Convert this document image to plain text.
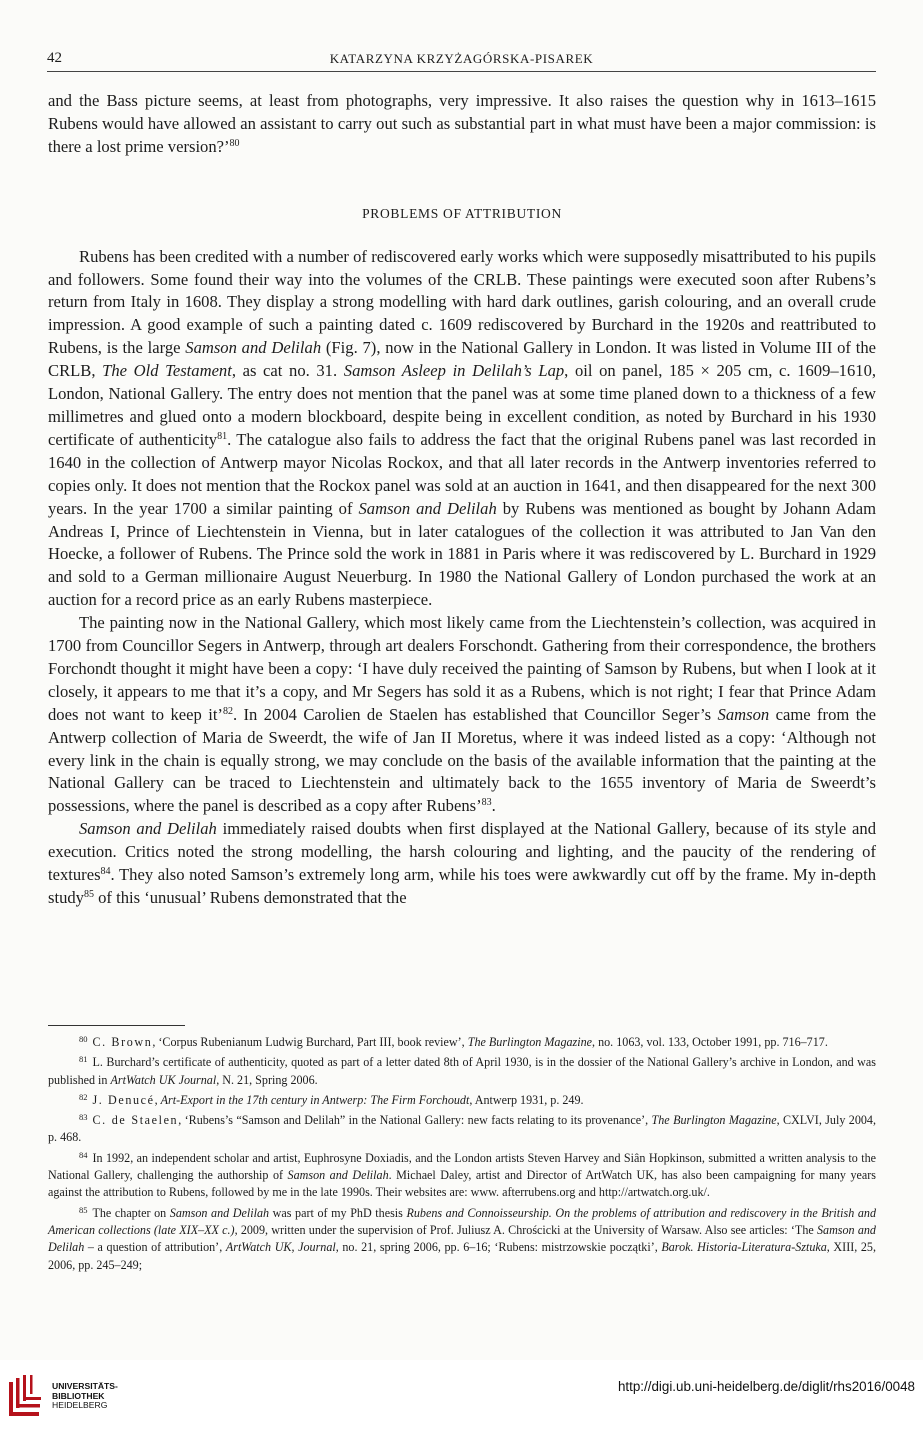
42	KATARZYNA KRZYŻAGÓRSKA-PISAREK

and the Bass picture seems, at least from photographs, very impressive. It also raises the question why in 1613–1615 Rubens would have allowed an assistant to carry out such as substantial part in what must have been a major commission: is there a lost prime version?’$^{80}$

PROBLEMS OF ATTRIBUTION

Rubens has been credited with a number of rediscovered early works which were supposedly misattributed to his pupils and followers. Some found their way into the volumes of the CRLB. These paintings were executed soon after Rubens’s return from Italy in 1608. They display a strong modelling with hard dark outlines, garish colouring, and an overall crude impression. A good example of such a painting dated c. 1609 rediscovered by Burchard in the 1920s and reattributed to Rubens, is the large Samson and Delilah (Fig. 7), now in the National Gallery in London. It was listed in Volume III of the CRLB, The Old Testament, as cat no. 31. Samson Asleep in Delilah’s Lap, oil on panel, 185 × 205 cm, c. 1609–1610, London, National Gallery. The entry does not mention that the panel was at some time planed down to a thickness of a few millimetres and glued onto a modern blockboard, despite being in excellent condition, as noted by Burchard in his 1930 certificate of authenticity$^{81}$. The catalogue also fails to address the fact that the original Rubens panel was last recorded in 1640 in the collection of Antwerp mayor Nicolas Rockox, and that all later records in the Antwerp inventories referred to copies only. It does not mention that the Rockox panel was sold at an auction in 1641, and then disappeared for the next 300 years. In the year 1700 a similar painting of Samson and Delilah by Rubens was mentioned as bought by Johann Adam Andreas I, Prince of Liechtenstein in Vienna, but in later catalogues of the collection it was attributed to Jan Van den Hoecke, a follower of Rubens. The Prince sold the work in 1881 in Paris where it was rediscovered by L. Burchard in 1929 and sold to a German millionaire August Neuerburg. In 1980 the National Gallery of London purchased the work at an auction for a record price as an early Rubens masterpiece.

The painting now in the National Gallery, which most likely came from the Liechtenstein’s collection, was acquired in 1700 from Councillor Segers in Antwerp, through art dealers Forschondt. Gathering from their correspondence, the brothers Forchondt thought it might have been a copy: ‘I have duly received the painting of Samson by Rubens, but when I look at it closely, it appears to me that it’s a copy, and Mr Segers has sold it as a Rubens, which is not right; I fear that Prince Adam does not want to keep it’$^{82}$. In 2004 Carolien de Staelen has established that Councillor Seger’s Samson came from the Antwerp collection of Maria de Sweerdt, the wife of Jan II Moretus, where it was indeed listed as a copy: ‘Although not every link in the chain is equally strong, we may conclude on the basis of the available information that the painting at the National Gallery can be traced to Liechtenstein and ultimately back to the 1655 inventory of Maria de Sweerdt’s possessions, where the panel is described as a copy after Rubens’$^{83}$.

Samson and Delilah immediately raised doubts when first displayed at the National Gallery, because of its style and execution. Critics noted the strong modelling, the harsh colouring and lighting, and the paucity of the rendering of textures$^{84}$. They also noted Samson’s extremely long arm, while his toes were awkwardly cut off by the frame. My in-depth study$^{85}$ of this ‘unusual’ Rubens demonstrated that the

$^{80}$ C. Brown, ‘Corpus Rubenianum Ludwig Burchard, Part III, book review’, The Burlington Magazine, no. 1063, vol. 133, October 1991, pp. 716–717.

$^{81}$ L. Burchard’s certificate of authenticity, quoted as part of a letter dated 8th of April 1930, is in the dossier of the National Gallery’s archive in London, and was published in ArtWatch UK Journal, N. 21, Spring 2006.

$^{82}$ J. Denucé, Art-Export in the 17th century in Antwerp: The Firm Forchoudt, Antwerp 1931, p. 249.

$^{83}$ C. de Staelen, ‘Rubens’s “Samson and Delilah” in the National Gallery: new facts relating to its provenance’, The Burlington Magazine, CXLVI, July 2004, p. 468.

$^{84}$ In 1992, an independent scholar and artist, Euphrosyne Doxiadis, and the London artists Steven Harvey and Siân Hopkinson, submitted a written analysis to the National Gallery, challenging the authorship of Samson and Delilah. Michael Daley, artist and Director of ArtWatch UK, has also been campaigning for many years against the attribution to Rubens, followed by me in the late 1990s. Their websites are: www. afterrubens.org and http://artwatch.org.uk/.

$^{85}$ The chapter on Samson and Delilah was part of my PhD thesis Rubens and Connoisseurship. On the problems of attribution and rediscovery in the British and American collections (late XIX–XX c.), 2009, written under the supervision of Prof. Juliusz A. Chrościcki at the University of Warsaw. Also see articles: ‘The Samson and Delilah – a question of attribution’, ArtWatch UK, Journal, no. 21, spring 2006, pp. 6–16; ‘Rubens: mistrzowskie początki’, Barok. Historia-Literatura-Sztuka, XIII, 25, 2006, pp. 245–249;

UNIVERSITÄTS-
BIBLIOTHEK
HEIDELBERG
http://digi.ub.uni-heidelberg.de/diglit/rhs2016/0048
